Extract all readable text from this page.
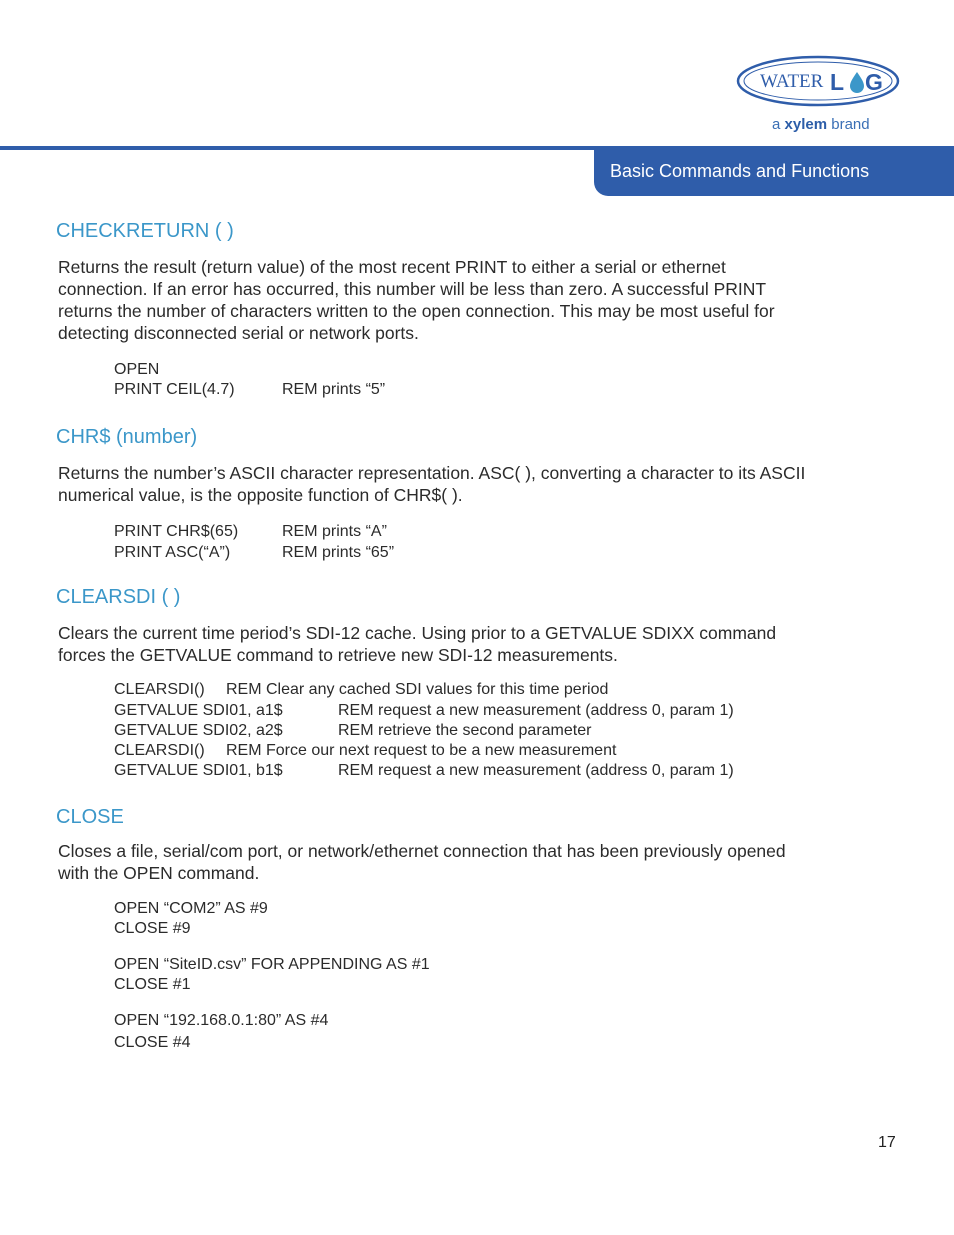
WATER L G
a xylem brand
Basic Commands and Functions
CHECKRETURN ( )
Returns the result (return value) of the most recent PRINT to either a serial or ethernet
connection. If an error has occurred, this number will be less than zero. A successful PRINT
returns the number of characters written to the open connection. This may be most useful for
detecting disconnected serial or network ports.
OPEN
PRINT CEIL(4.7)	REM prints “5”
CHR$ (number)
Returns the number’s ASCII character representation. ASC( ), converting a character to its ASCII
numerical value, is the opposite function of CHR$( ).
PRINT CHR$(65)	REM prints “A”
PRINT ASC(“A”)	REM prints “65”
CLEARSDI ( )
Clears the current time period’s SDI-12 cache. Using prior to a GETVALUE SDIXX command
forces the GETVALUE command to retrieve new SDI-12 measurements.
CLEARSDI() REM Clear any cached SDI values for this time period
GETVALUE SDI01, a1$	REM request a new measurement (address 0, param 1)
GETVALUE SDI02, a2$	REM retrieve the second parameter
CLEARSDI() REM Force our next request to be a new measurement
GETVALUE SDI01, b1$	REM request a new measurement (address 0, param 1)
CLOSE
Closes a file, serial/com port, or network/ethernet connection that has been previously opened
with the OPEN command.
OPEN “COM2” AS #9
CLOSE #9
OPEN “SiteID.csv” FOR APPENDING AS #1
CLOSE #1
OPEN “192.168.0.1:80” AS #4
CLOSE #4
17
